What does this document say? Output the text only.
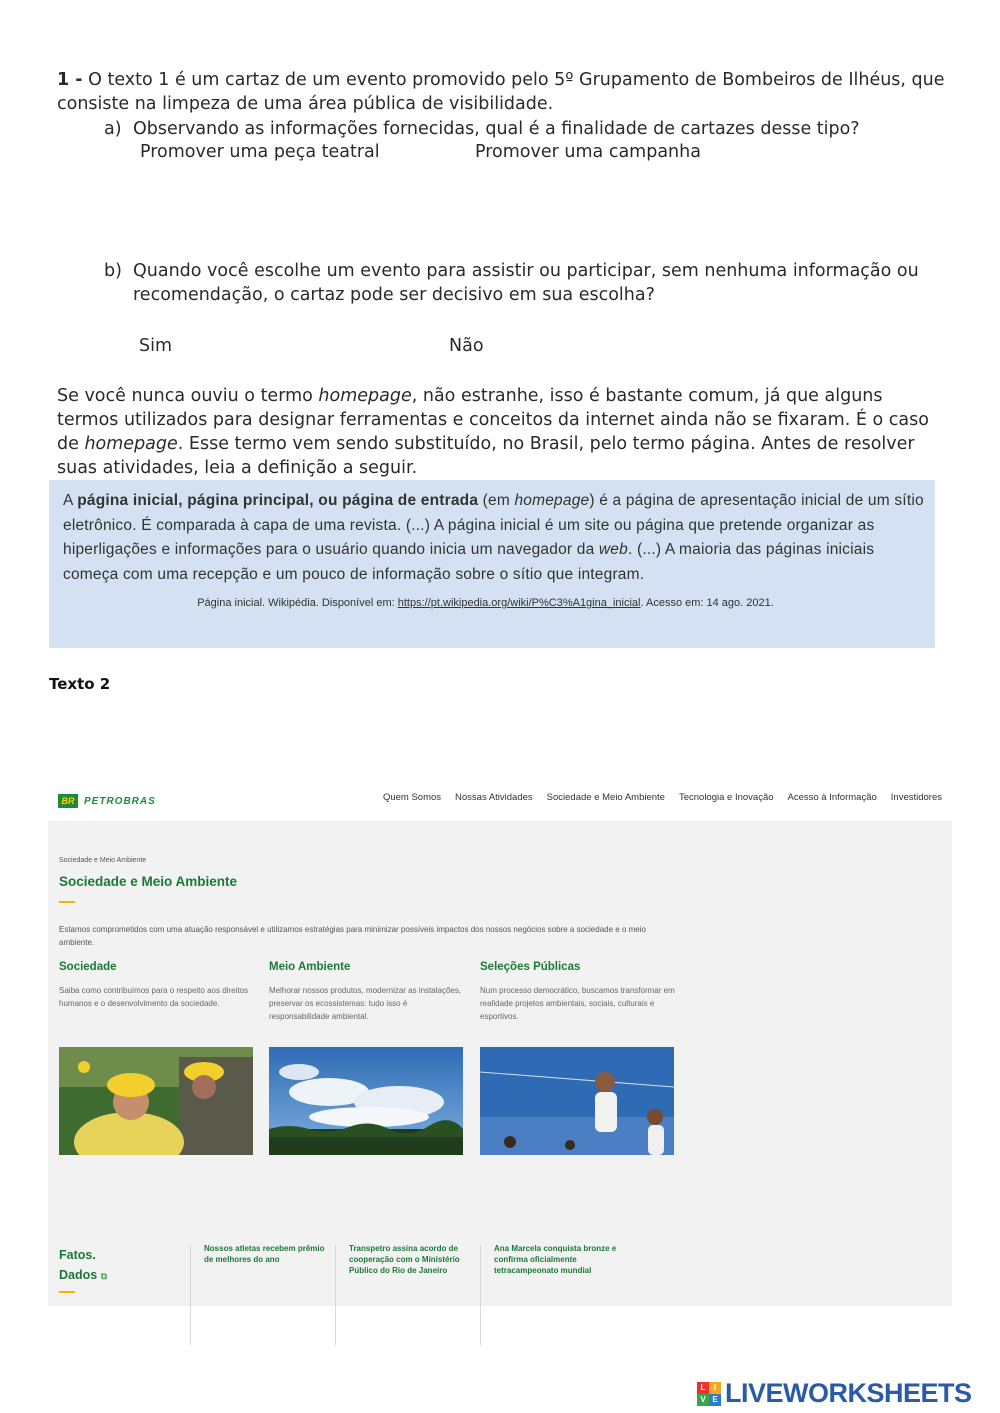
1 - O texto 1 é um cartaz de um evento promovido pelo 5º Grupamento de Bombeiros de Ilhéus, que consiste na limpeza de uma área pública de visibilidade.
a) Observando as informações fornecidas, qual é a finalidade de cartazes desse tipo?
Promover uma peça teatral	Promover uma campanha
b) Quando você escolhe um evento para assistir ou participar, sem nenhuma informação ou recomendação, o cartaz pode ser decisivo em sua escolha?
Sim	Não
Se você nunca ouviu o termo homepage, não estranhe, isso é bastante comum, já que alguns termos utilizados para designar ferramentas e conceitos da internet ainda não se fixaram. É o caso de homepage. Esse termo vem sendo substituído, no Brasil, pelo termo página. Antes de resolver suas atividades, leia a definição a seguir.
A página inicial, página principal, ou página de entrada (em homepage) é a página de apresentação inicial de um sítio eletrônico. É comparada à capa de uma revista. (...) A página inicial é um site ou página que pretende organizar as hiperligações e informações para o usuário quando inicia um navegador da web. (...) A maioria das páginas iniciais começa com uma recepção e um pouco de informação sobre o sítio que integram.
Página inicial. Wikipédia. Disponível em: https://pt.wikipedia.org/wiki/P%C3%A1gina_inicial. Acesso em: 14 ago. 2021.
Texto 2
BR PETROBRAS	Quem Somos Nossas Atividades Sociedade e Meio Ambiente Tecnologia e Inovação Acesso à Informação Investidores
Sociedade e Meio Ambiente
Sociedade e Meio Ambiente
Estamos comprometidos com uma atuação responsável e utilizamos estratégias para minimizar possíveis impactos dos nossos negócios sobre a sociedade e o meio ambiente.
Sociedade
Saiba como contribuímos para o respeito aos direitos humanos e o desenvolvimento da sociedade.
Meio Ambiente
Melhorar nossos produtos, modernizar as instalações, preservar os ecossistemas: tudo isso é responsabilidade ambiental.
Seleções Públicas
Num processo democrático, buscamos transformar em realidade projetos ambientais, sociais, culturais e esportivos.
Fatos.
Dados ⧉
Nossos atletas recebem prêmio de melhores do ano
Transpetro assina acordo de cooperação com o Ministério Público do Rio de Janeiro
Ana Marcela conquista bronze e confirma oficialmente tetracampeonato mundial
L	I
V E LIVEWORKSHEETS
